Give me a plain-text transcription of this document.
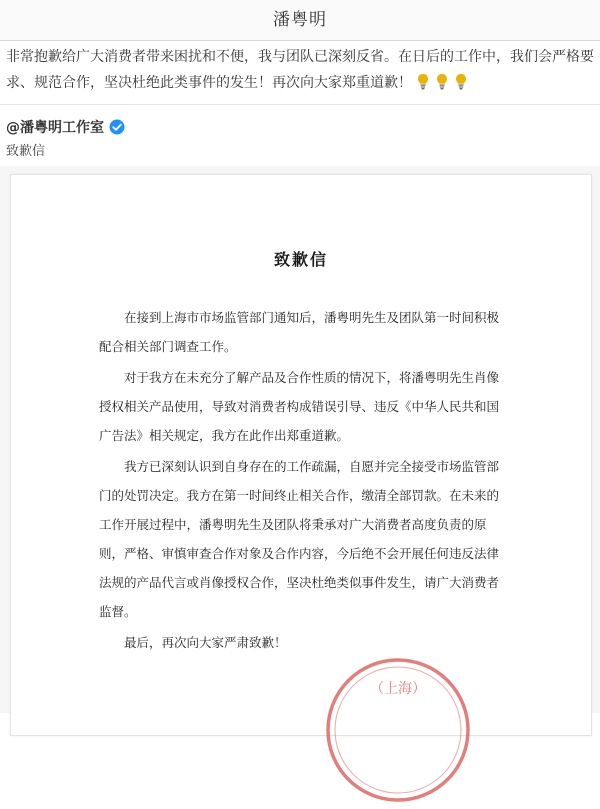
潘粤明
非常抱歉给广大消费者带来困扰和不便，我与团队已深刻反省。在日后的工作中，我们会严格要求、规范合作，坚决杜绝此类事件的发生！再次向大家郑重道歉！
@潘粤明工作室
致歉信
致歉信

在接到上海市市场监管部门通知后，潘粤明先生及团队第一时间积极配合相关部门调查工作。

对于我方在未充分了解产品及合作性质的情况下，将潘粤明先生肖像授权相关产品使用，导致对消费者构成错误引导、违反《中华人民共和国广告法》相关规定，我方在此作出郑重道歉。

我方已深刻认识到自身存在的工作疏漏，自愿并完全接受市场监管部门的处罚决定。我方在第一时间终止相关合作，缴清全部罚款。在未来的工作开展过程中，潘粤明先生及团队将秉承对广大消费者高度负责的原则，严格、审慎审查合作对象及合作内容，今后绝不会开展任何违反法律法规的产品代言或肖像授权合作，坚决杜绝类似事件发生，请广大消费者监督。

最后，再次向大家严肃致歉！

（上海）
